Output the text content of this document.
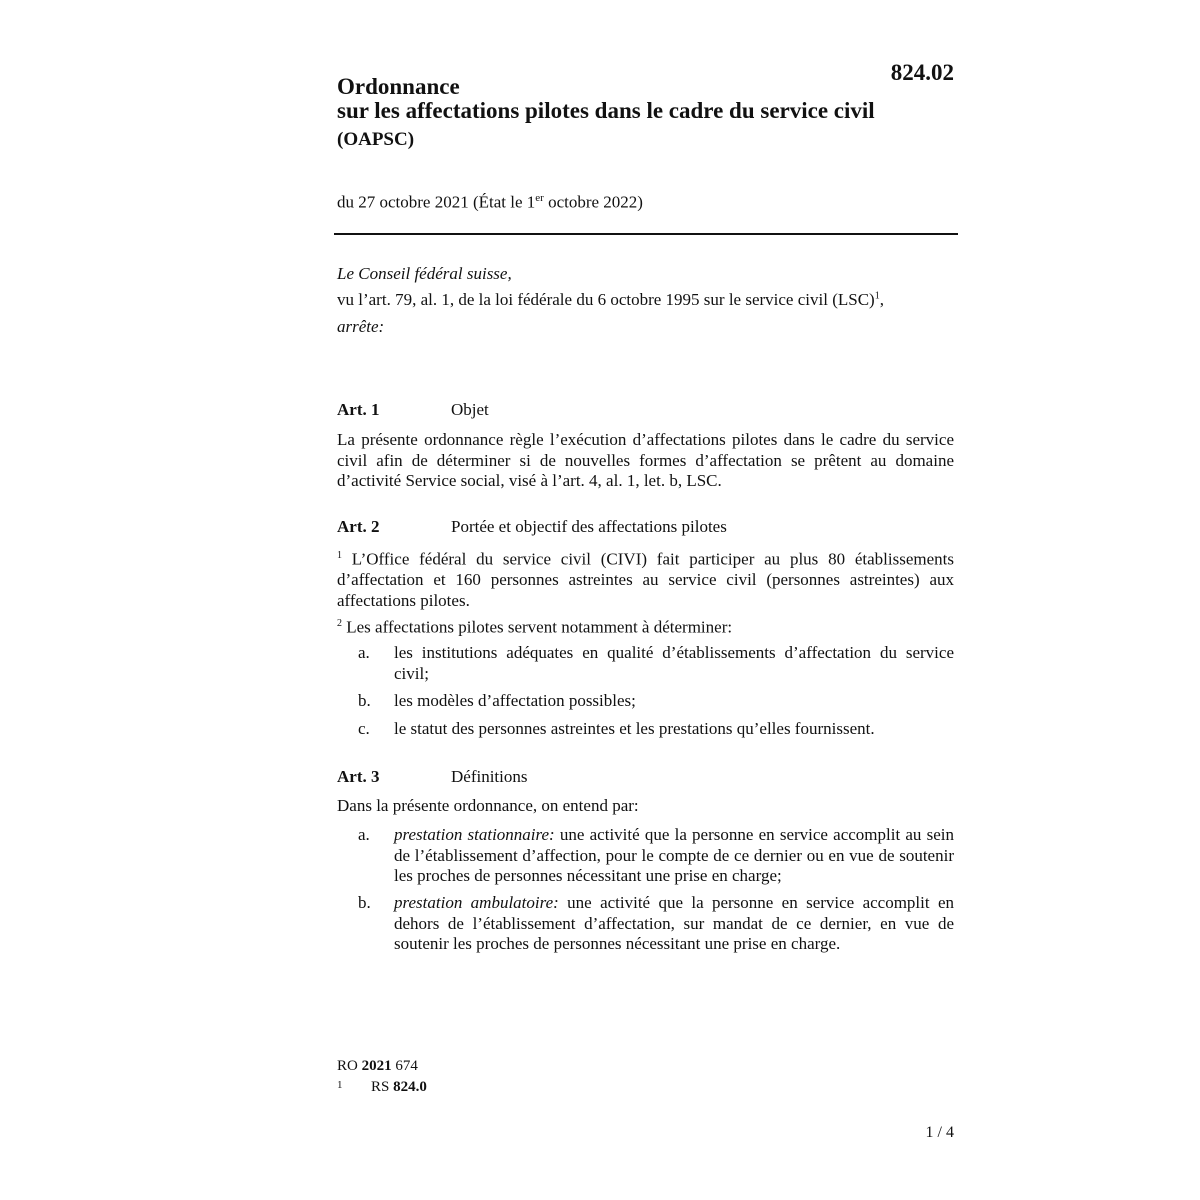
824.02
Ordonnance
sur les affectations pilotes dans le cadre du service civil
(OAPSC)
du 27 octobre 2021 (État le 1er octobre 2022)
Le Conseil fédéral suisse,
vu l’art. 79, al. 1, de la loi fédérale du 6 octobre 1995 sur le service civil (LSC)$^1$,
arrête:
Art. 1	Objet
La présente ordonnance règle l’exécution d’affectations pilotes dans le cadre du service civil afin de déterminer si de nouvelles formes d’affectation se prêtent au domaine d’activité Service social, visé à l’art. 4, al. 1, let. b, LSC.
Art. 2	Portée et objectif des affectations pilotes
$^1$ L’Office fédéral du service civil (CIVI) fait participer au plus 80 établissements d’affectation et 160 personnes astreintes au service civil (personnes astreintes) aux affectations pilotes.
$^2$ Les affectations pilotes servent notamment à déterminer:
a. les institutions adéquates en qualité d’établissements d’affectation du service civil;
b. les modèles d’affectation possibles;
c. le statut des personnes astreintes et les prestations qu’elles fournissent.
Art. 3	Définitions
Dans la présente ordonnance, on entend par:
a. prestation stationnaire: une activité que la personne en service accomplit au sein de l’établissement d’affection, pour le compte de ce dernier ou en vue de soutenir les proches de personnes nécessitant une prise en charge;
b. prestation ambulatoire: une activité que la personne en service accomplit en dehors de l’établissement d’affectation, sur mandat de ce dernier, en vue de soutenir les proches de personnes nécessitant une prise en charge.
RO 2021 674
$^1$ RS 824.0
1 / 4
